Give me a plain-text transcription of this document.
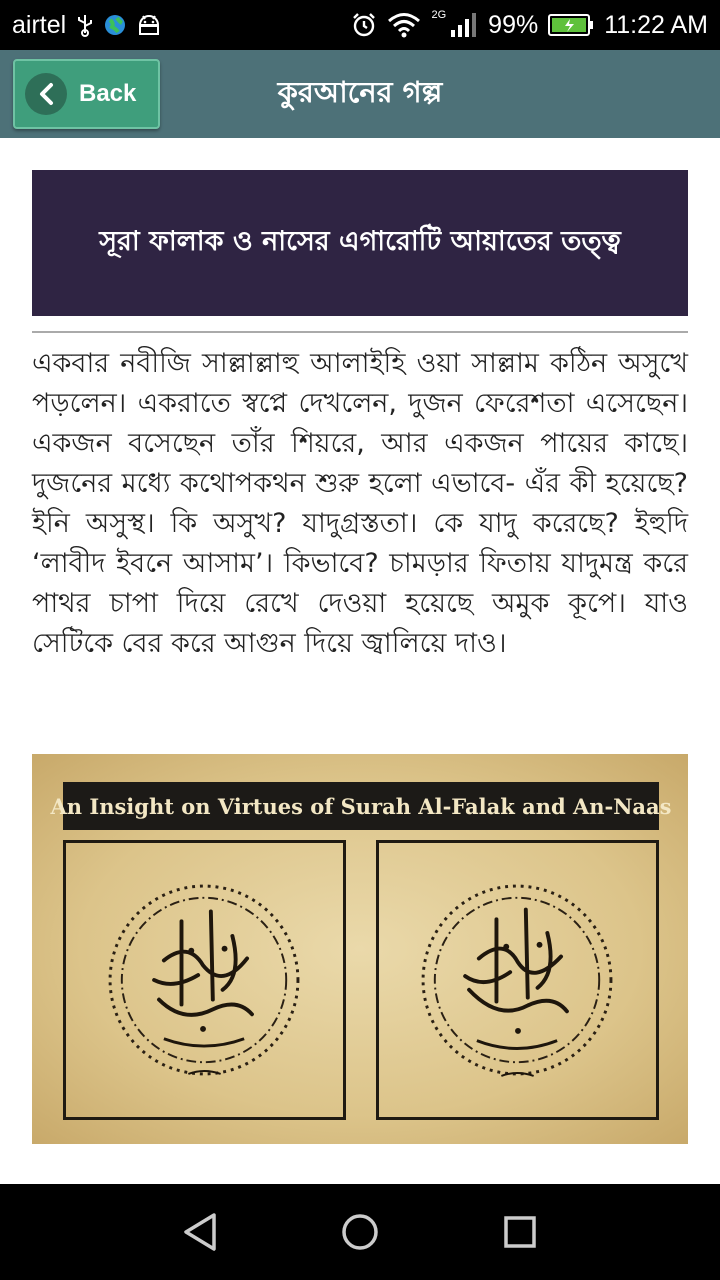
airtel	2G 99%	11:22 AM
Back	কুরআনের গল্প
সূরা ফালাক ও নাসের এগারোটি আয়াতের তত্ত্ব

একবার নবীজি সাল্লাল্লাহু আলাইহি ওয়া সাল্লাম কঠিন অসুখে পড়লেন। একরাতে স্বপ্নে দেখলেন, দুজন ফেরেশতা এসেছেন। একজন বসেছেন তাঁর শিয়রে, আর একজন পায়ের কাছে। দুজনের মধ্যে কথোপকথন শুরু হলো এভাবে- এঁর কী হয়েছে? ইনি অসুস্থ। কি অসুখ? যাদুগ্রস্ততা। কে যাদু করেছে? ইহুদি ‘লাবীদ ইবনে আসাম’। কিভাবে? চামড়ার ফিতায় যাদুমন্ত্র করে পাথর চাপা দিয়ে রেখে দেওয়া হয়েছে অমুক কূপে। যাও সেটিকে বের করে আগুন দিয়ে জ্বালিয়ে দাও।

An Insight on Virtues of Surah Al-Falak and An-Naas
